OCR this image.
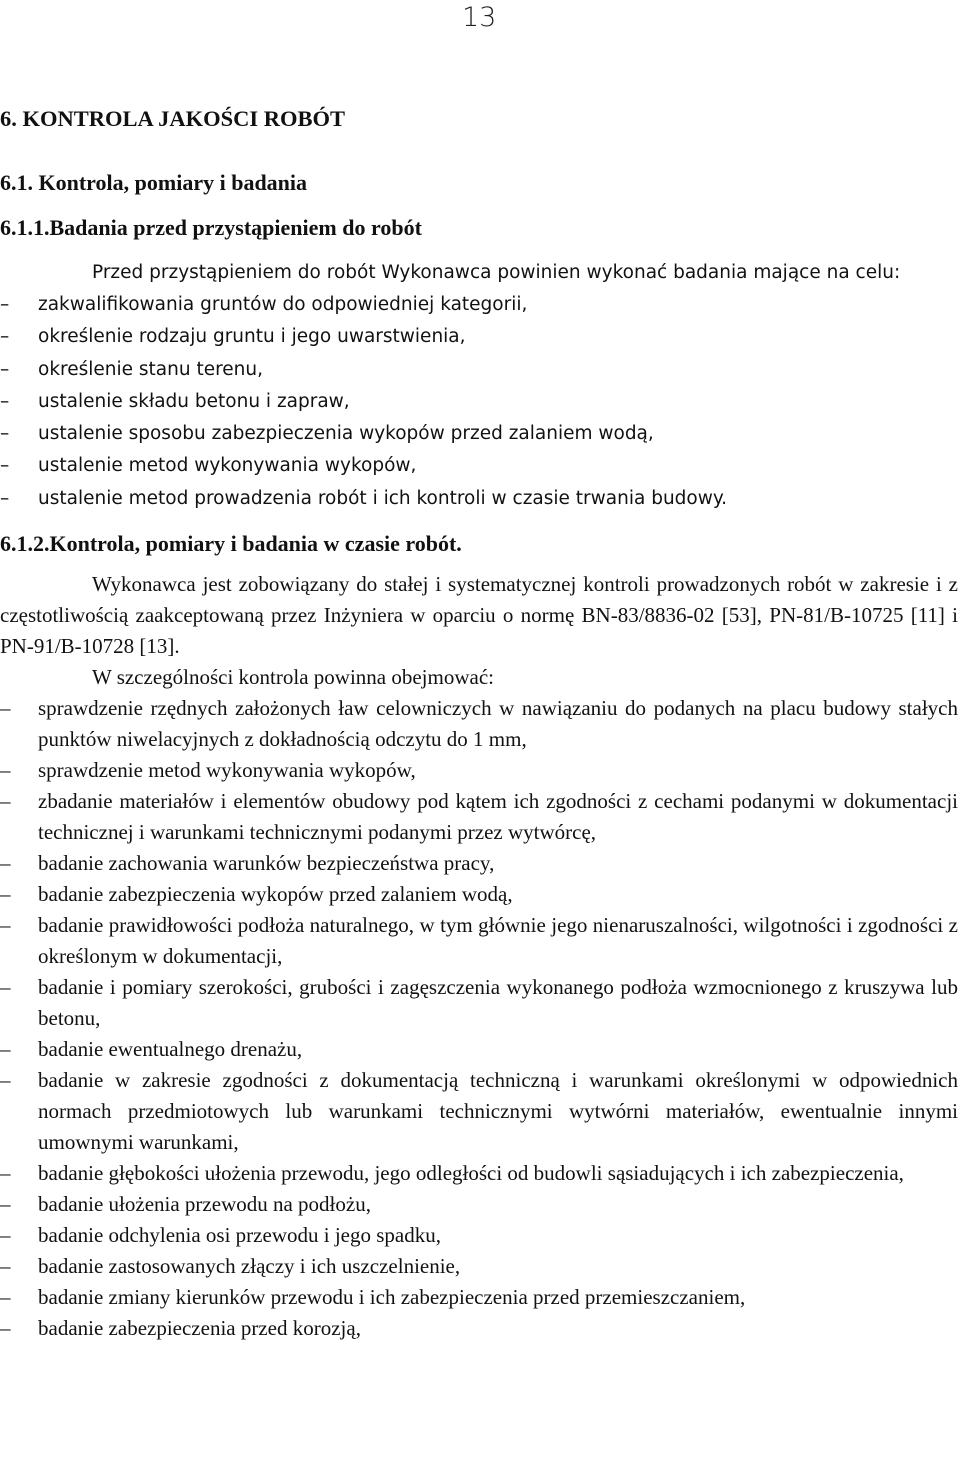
13
6. KONTROLA JAKOŚCI ROBÓT
6.1. Kontrola, pomiary i badania
6.1.1.Badania przed przystąpieniem do robót

Przed przystąpieniem do robót Wykonawca powinien wykonać badania mające na celu:

– zakwalifikowania gruntów do odpowiedniej kategorii,
– określenie rodzaju gruntu i jego uwarstwienia,
– określenie stanu terenu,
– ustalenie składu betonu i zapraw,
– ustalenie sposobu zabezpieczenia wykopów przed zalaniem wodą,
– ustalenie metod wykonywania wykopów,
– ustalenie metod prowadzenia robót i ich kontroli w czasie trwania budowy.
6.1.2.Kontrola, pomiary i badania w czasie robót.

Wykonawca jest zobowiązany do stałej i systematycznej kontroli prowadzonych robót w zakresie i z częstotliwością zaakceptowaną przez Inżyniera w oparciu o normę BN-83/8836-02 [53], PN-81/B-10725 [11] i PN-91/B-10728 [13].

W szczególności kontrola powinna obejmować:

– sprawdzenie rzędnych założonych ław celowniczych w nawiązaniu do podanych na placu budowy stałych punktów niwelacyjnych z dokładnością odczytu do 1 mm,
– sprawdzenie metod wykonywania wykopów,
– zbadanie materiałów i elementów obudowy pod kątem ich zgodności z cechami podanymi w dokumentacji technicznej i warunkami technicznymi podanymi przez wytwórcę,
– badanie zachowania warunków bezpieczeństwa pracy,
– badanie zabezpieczenia wykopów przed zalaniem wodą,
– badanie prawidłowości podłoża naturalnego, w tym głównie jego nienaruszalności, wilgotności i zgodności z określonym w dokumentacji,
– badanie i pomiary szerokości, grubości i zagęszczenia wykonanego podłoża wzmocnionego z kruszywa lub betonu,
– badanie ewentualnego drenażu,
– badanie w zakresie zgodności z dokumentacją techniczną i warunkami określonymi w odpowiednich normach przedmiotowych lub warunkami technicznymi wytwórni materiałów, ewentualnie innymi umownymi warunkami,
– badanie głębokości ułożenia przewodu, jego odległości od budowli sąsiadujących i ich zabezpieczenia,
– badanie ułożenia przewodu na podłożu,
– badanie odchylenia osi przewodu i jego spadku,
– badanie zastosowanych złączy i ich uszczelnienie,
– badanie zmiany kierunków przewodu i ich zabezpieczenia przed przemieszczaniem,
– badanie zabezpieczenia przed korozją,
